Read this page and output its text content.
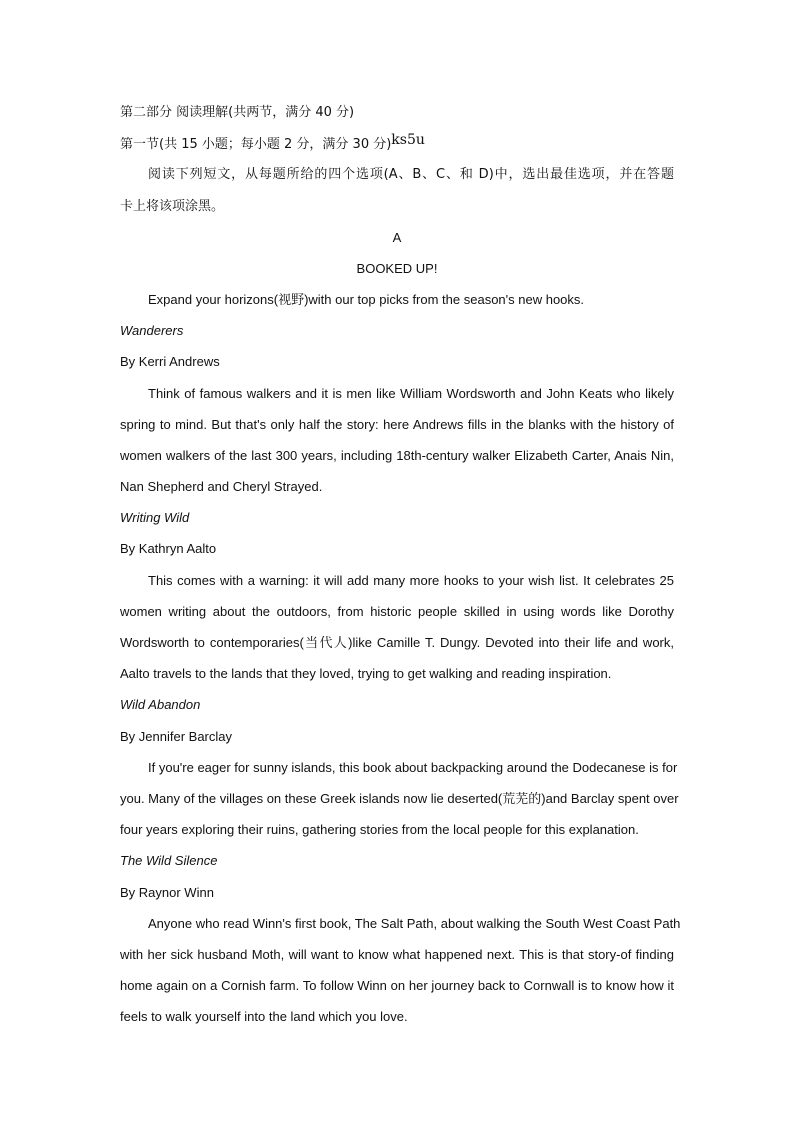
第二部分 阅读理解(共两节，满分 40 分)
第一节(共 15 小题；每小题 2 分，满分 30 分)ks5u
阅读下列短文，从每题所给的四个选项(A、B、C、和 D)中，选出最佳选项，并在答题
卡上将该项涂黑。
A
BOOKED UP!
Expand your horizons(视野)with our top picks from the season's new hooks.
Wanderers
By Kerri Andrews
Think of famous walkers and it is men like William Wordsworth and John Keats who likely
spring to mind. But that's only half the story: here Andrews fills in the blanks with the history of
women walkers of the last 300 years, including 18th-century walker Elizabeth Carter, Anais Nin,
Nan Shepherd and Cheryl Strayed.
Writing Wild
By Kathryn Aalto
This comes with a warning: it will add many more hooks to your wish list. It celebrates 25
women writing about the outdoors, from historic people skilled in using words like Dorothy
Wordsworth to contemporaries(当代人)like Camille T. Dungy. Devoted into their life and work,
Aalto travels to the lands that they loved, trying to get walking and reading inspiration.
Wild Abandon
By Jennifer Barclay
If you're eager for sunny islands, this book about backpacking around the Dodecanese is for
you. Many of the villages on these Greek islands now lie deserted(荒芜的)and Barclay spent over
four years exploring their ruins, gathering stories from the local people for this explanation.
The Wild Silence
By Raynor Winn
Anyone who read Winn's first book, The Salt Path, about walking the South West Coast Path
with her sick husband Moth, will want to know what happened next. This is that story-of finding
home again on a Cornish farm. To follow Winn on her journey back to Cornwall is to know how it
feels to walk yourself into the land which you love.
